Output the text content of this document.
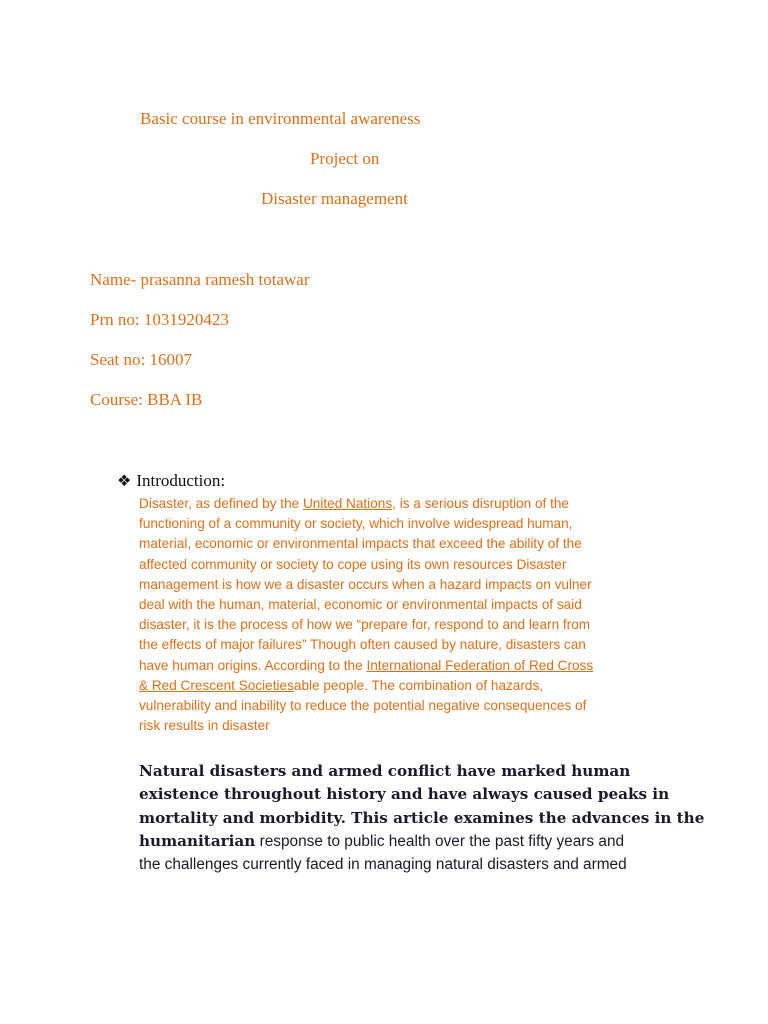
Basic course in environmental awareness
Project on
Disaster management
Name- prasanna ramesh totawar
Prn no: 1031920423
Seat no: 16007
Course: BBA IB
❖ Introduction:
Disaster, as defined by the United Nations, is a serious disruption of the
functioning of a community or society, which involve widespread human,
material, economic or environmental impacts that exceed the ability of the
affected community or society to cope using its own resources Disaster
management is how we a disaster occurs when a hazard impacts on vulner
deal with the human, material, economic or environmental impacts of said
disaster, it is the process of how we “prepare for, respond to and learn from
the effects of major failures” Though often caused by nature, disasters can
have human origins. According to the International Federation of Red Cross
& Red Crescent Societiesable people. The combination of hazards,
vulnerability and inability to reduce the potential negative consequences of
risk results in disaster
Natural disasters and armed conflict have marked human
existence throughout history and have always caused peaks in
mortality and morbidity. This article examines the advances in the
humanitarian response to public health over the past fifty years and
the challenges currently faced in managing natural disasters and armed
